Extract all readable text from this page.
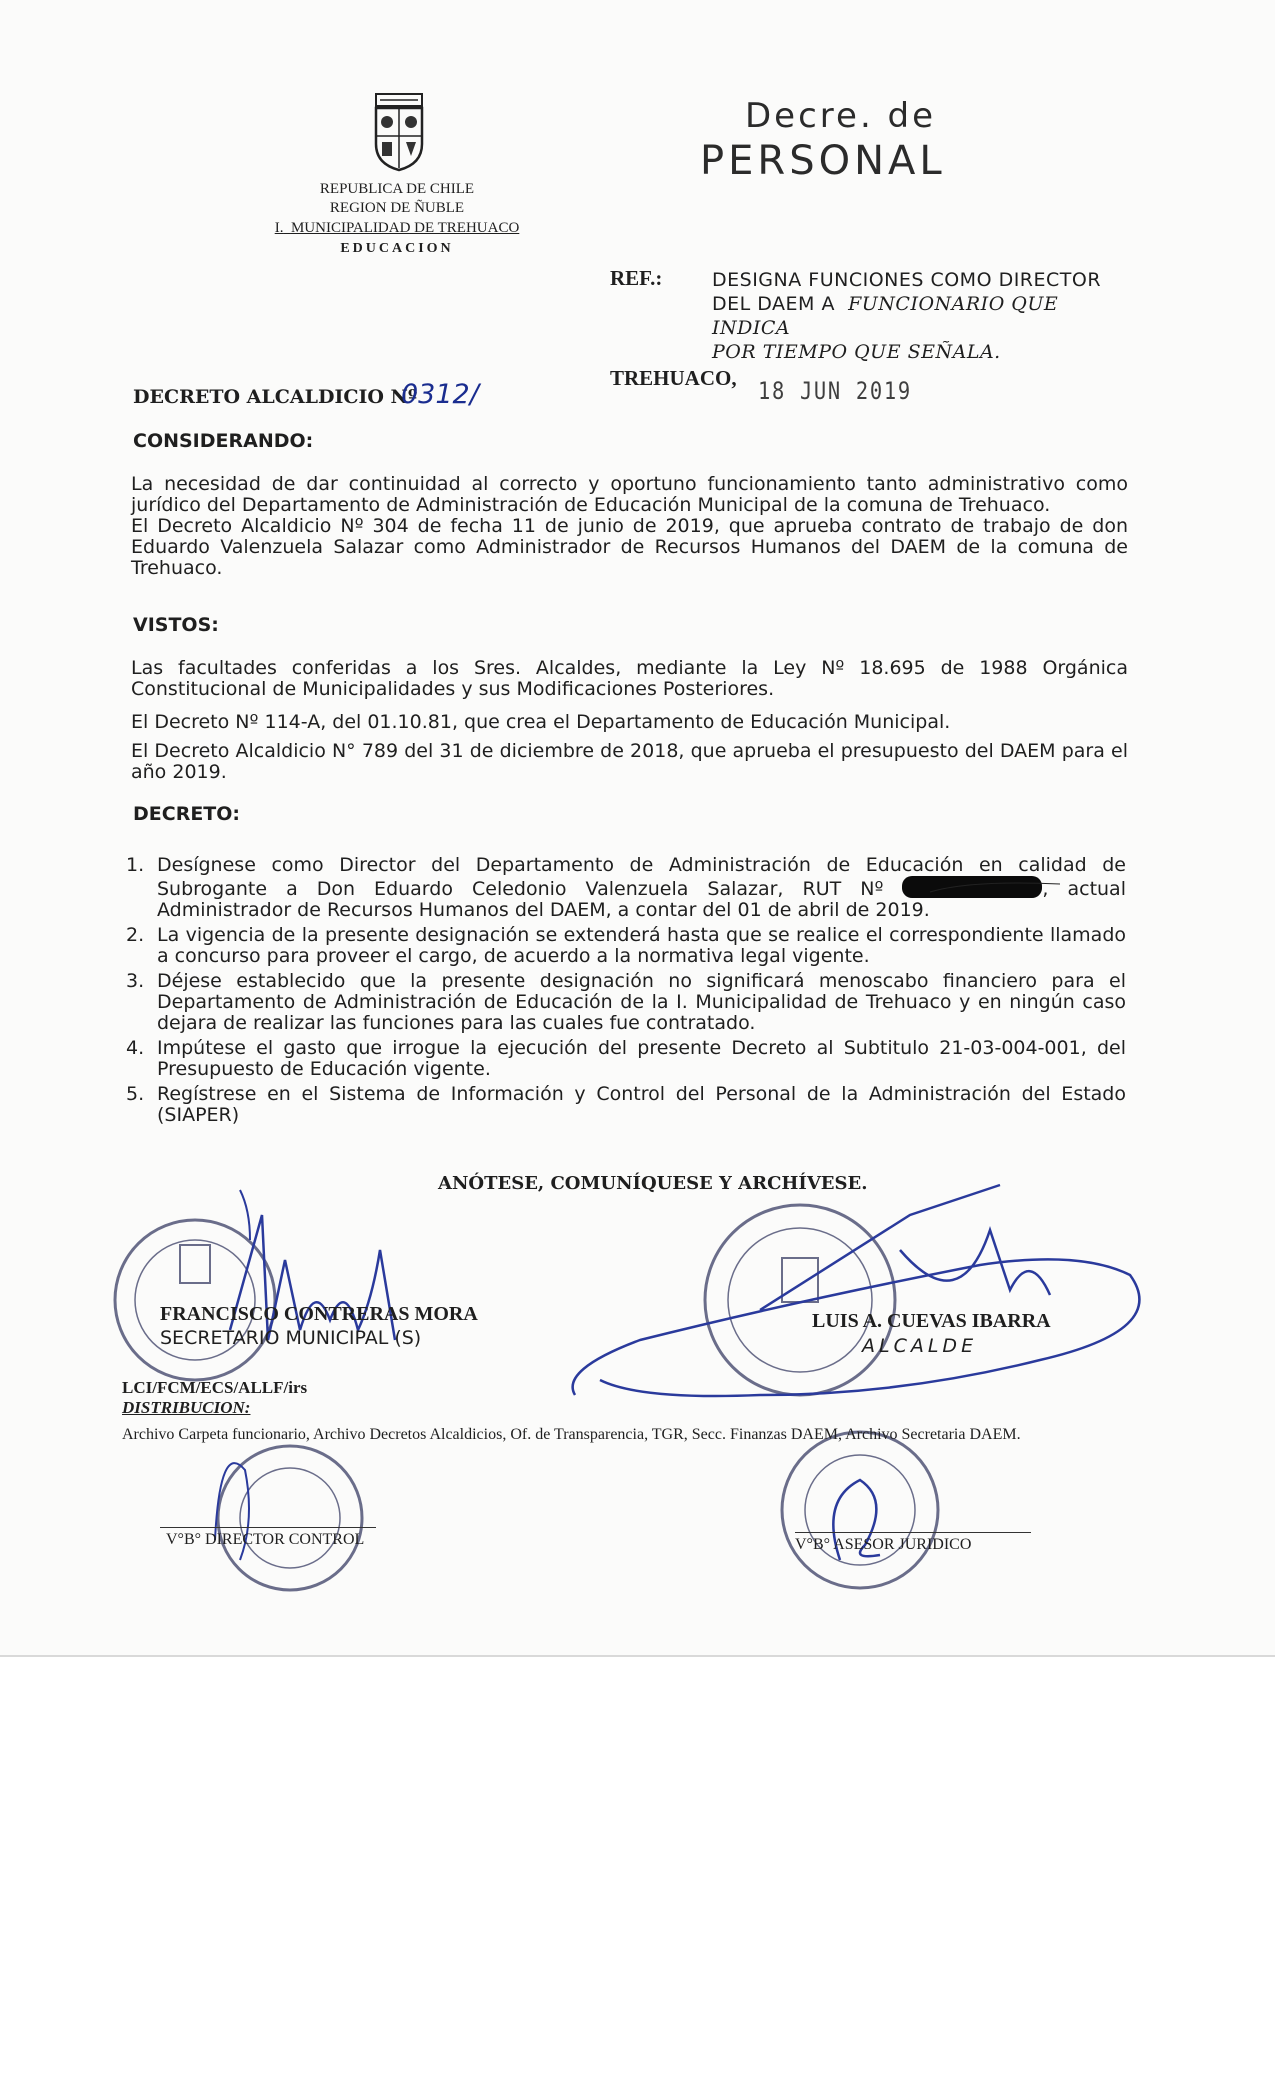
REPUBLICA DE CHILE
REGION DE ÑUBLE
I. MUNICIPALIDAD DE TREHUACO
EDUCACION
Decre. de
PERSONAL
REF.:	DESIGNA FUNCIONES COMO DIRECTOR
DEL DAEM A FUNCIONARIO QUE INDICA
POR TIEMPO QUE SEÑALA.
TREHUACO, 18 JUN 2019
DECRETO ALCALDICIO Nº
0312/
CONSIDERANDO:
La necesidad de dar continuidad al correcto y oportuno funcionamiento tanto administrativo como jurídico del Departamento de Administración de Educación Municipal de la comuna de Trehuaco.
El Decreto Alcaldicio Nº 304 de fecha 11 de junio de 2019, que aprueba contrato de trabajo de don Eduardo Valenzuela Salazar como Administrador de Recursos Humanos del DAEM de la comuna de Trehuaco.
VISTOS:
Las facultades conferidas a los Sres. Alcaldes, mediante la Ley Nº 18.695 de 1988 Orgánica Constitucional de Municipalidades y sus Modificaciones Posteriores.
El Decreto Nº 114-A, del 01.10.81, que crea el Departamento de Educación Municipal.
El Decreto Alcaldicio N° 789 del 31 de diciembre de 2018, que aprueba el presupuesto del DAEM para el año 2019.
DECRETO:
1. Desígnese como Director del Departamento de Administración de Educación en calidad de Subrogante a Don Eduardo Celedonio Valenzuela Salazar, RUT Nº	, actual Administrador de Recursos Humanos del DAEM, a contar del 01 de abril de 2019.
2. La vigencia de la presente designación se extenderá hasta que se realice el correspondiente llamado a concurso para proveer el cargo, de acuerdo a la normativa legal vigente.
3. Déjese establecido que la presente designación no significará menoscabo financiero para el Departamento de Administración de Educación de la I. Municipalidad de Trehuaco y en ningún caso dejara de realizar las funciones para las cuales fue contratado.
4. Impútese el gasto que irrogue la ejecución del presente Decreto al Subtitulo 21-03-004-001, del Presupuesto de Educación vigente.
5. Regístrese en el Sistema de Información y Control del Personal de la Administración del Estado (SIAPER)
ANÓTESE, COMUNÍQUESE Y ARCHÍVESE.
FRANCISCO CONTRERAS MORA
SECRETARIO MUNICIPAL (S)
LUIS A. CUEVAS IBARRA
ALCALDE
LCI/FCM/ECS/ALLF/irs
DISTRIBUCION:
Archivo Carpeta funcionario, Archivo Decretos Alcaldicios, Of. de Transparencia, TGR, Secc. Finanzas DAEM, Archivo Secretaria DAEM.
V°B° DIRECTOR CONTROL	V°B° ASESOR JURIDICO
